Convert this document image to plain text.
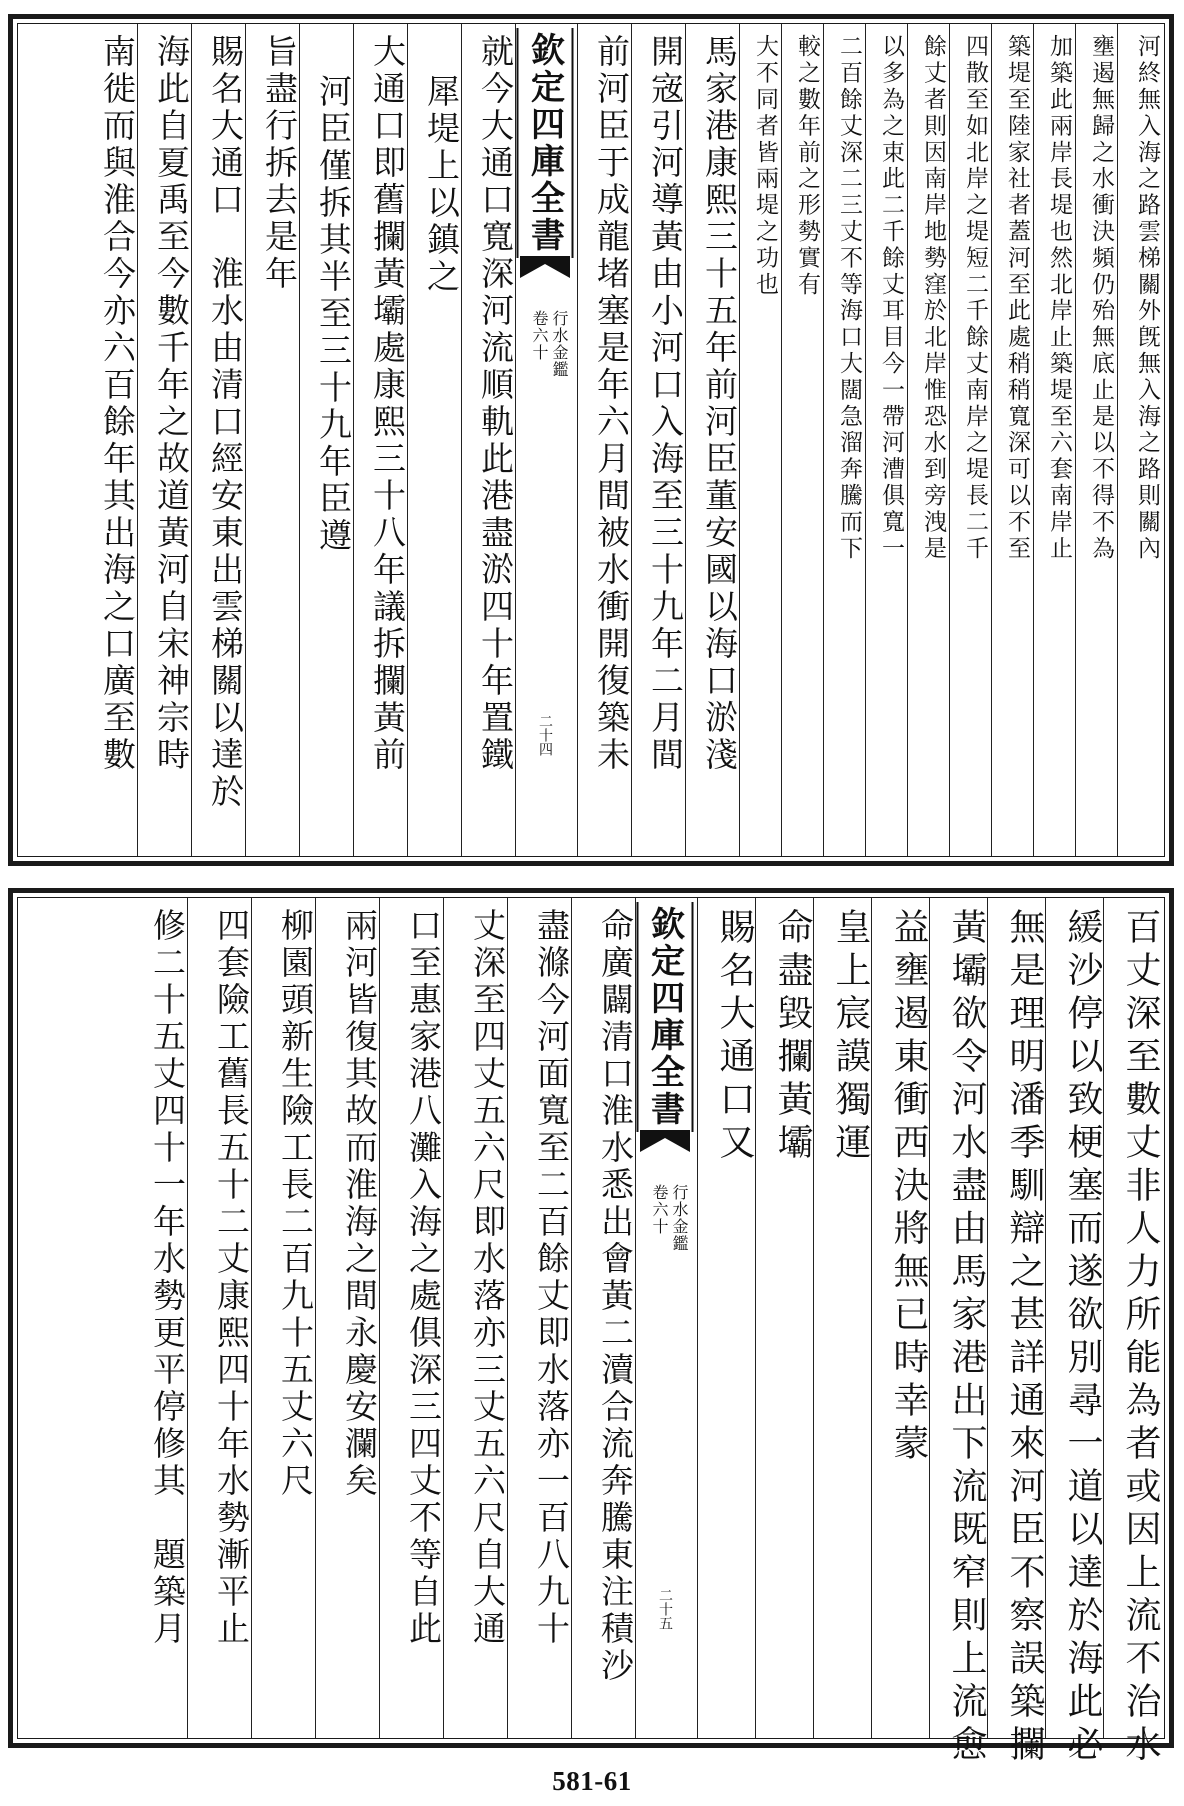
河終無入海之路雲梯關外旣無入海之路則關內
壅遏無歸之水衝決頻仍殆無底止是以不得不為
加築此兩岸長堤也然北岸止築堤至六套南岸止
築堤至陸家社者蓋河至此處稍稍寬深可以不至
四散至如北岸之堤短二千餘丈南岸之堤長二千
餘丈者則因南岸地勢窪於北岸惟恐水到旁洩是
以多為之束此二千餘丈耳目今一帶河漕俱寬一
二百餘丈深二三丈不等海口大闊急溜奔騰而下
較之數年前之形勢實有
大不同者皆兩堤之功也
馬家港康熙三十五年前河臣董安國以海口淤淺
開宼引河導黃由小河口入海至三十九年二月間
前河臣于成龍堵塞是年六月間被水衝開復築未
欽定四庫全書
行水金鑑
卷六十
二十四
就今大通口寬深河流順軌此港盡淤四十年置鐵
犀堤上以鎮之
大通口即舊攔黃壩處康熙三十八年議拆攔黃前
河臣僅拆其半至三十九年臣遵
旨盡行拆去是年
賜名大通口　淮水由清口經安東出雲梯關以達於
海此自夏禹至今數千年之故道黃河自宋神宗時
南徙而與淮合今亦六百餘年其出海之口廣至數
百丈深至數丈非人力所能為者或因上流不治水
緩沙停以致梗塞而遂欲別尋一道以達於海此必
無是理明潘季馴辯之甚詳通來河臣不察誤築攔
黃壩欲令河水盡由馬家港出下流既窄則上流愈
益壅遏東衝西決將無已時幸蒙
皇上宸謨獨運
命盡毀攔黃壩
賜名大通口又
欽定四庫全書
行水金鑑
卷六十
二十五
命廣闢清口淮水悉出會黃二瀆合流奔騰東注積沙
盡滌今河面寬至二百餘丈即水落亦一百八九十
丈深至四丈五六尺即水落亦三丈五六尺自大通
口至惠家港八灘入海之處俱深三四丈不等自此
兩河皆復其故而淮海之間永慶安瀾矣
柳園頭新生險工長二百九十五丈六尺
四套險工舊長五十二丈康熙四十年水勢漸平止
修二十五丈四十一年水勢更平停修其　題築月
581-61
